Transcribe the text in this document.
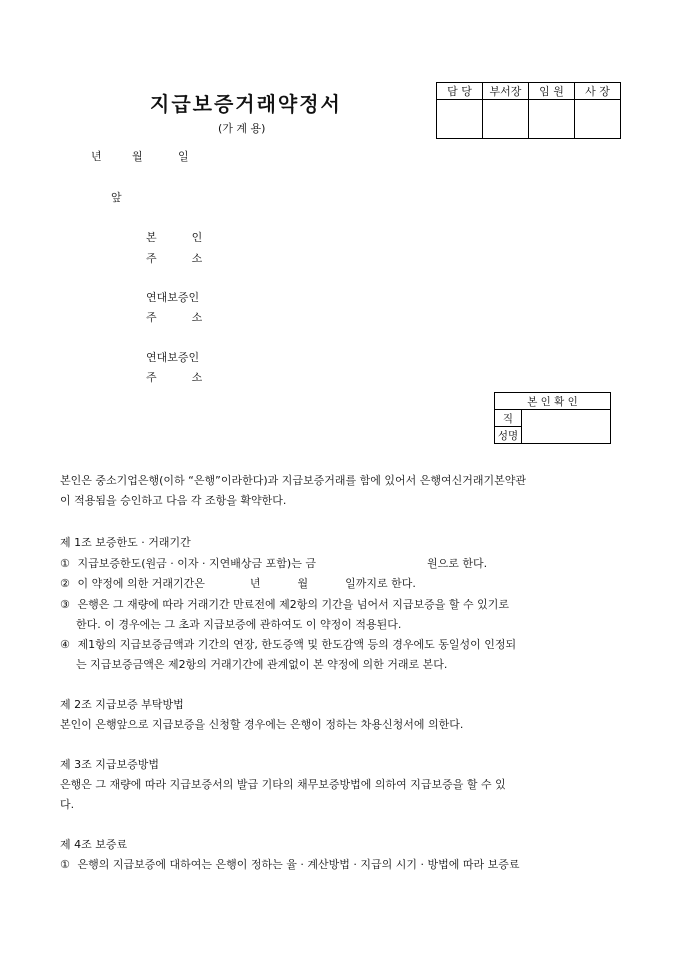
지급보증거래약정서
(가 계 용)
담 당	부서장	임 원	사 장

년	월	일
앞
본          인
주          소
연대보증인
주          소
연대보증인
주          소
본 인 확 인
직	
성명
본인은 중소기업은행(이하 “은행”이라한다)과 지급보증거래를 함에 있어서 은행여신거래기본약관
이 적용됨을 승인하고 다음 각 조항을 확약한다.
제 1조 보증한도 · 거래기간
① 지급보증한도(원금 · 이자 · 지연배상금 포함)는 금	원으로 한다.
② 이 약정에 의한 거래기간은	년	월	일까지로 한다.
③ 은행은 그 재량에 따라 거래기간 만료전에 제2항의 기간을 넘어서 지급보증을 할 수 있기로
한다. 이 경우에는 그 초과 지급보증에 관하여도 이 약정이 적용된다.
④ 제1항의 지급보증금액과 기간의 연장, 한도증액 및 한도감액 등의 경우에도 동일성이 인정되
는 지급보증금액은 제2항의 거래기간에 관계없이 본 약정에 의한 거래로 본다.
제 2조 지급보증 부탁방법
본인이 은행앞으로 지급보증을 신청할 경우에는 은행이 정하는 차용신청서에 의한다.
제 3조 지급보증방법
은행은 그 재량에 따라 지급보증서의 발급 기타의 채무보증방법에 의하여 지급보증을 할 수 있
다.
제 4조 보증료
① 은행의 지급보증에 대하여는 은행이 정하는 율 · 계산방법 · 지급의 시기 · 방법에 따라 보증료
